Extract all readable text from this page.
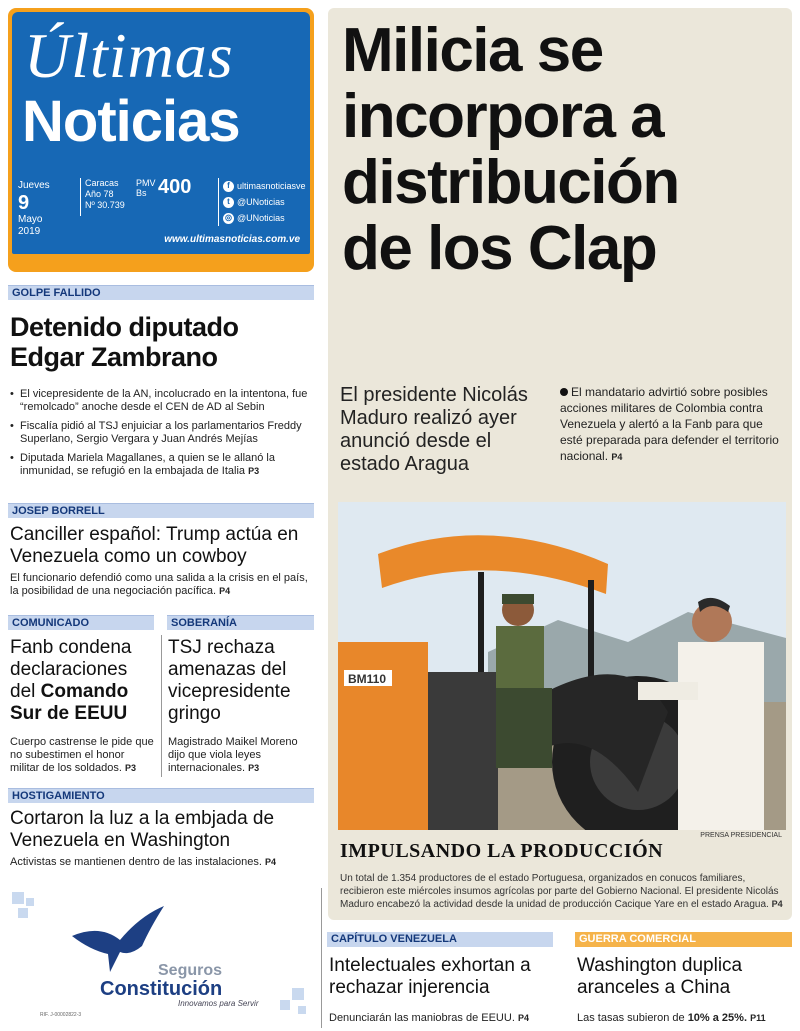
Últimas
Noticias
Jueves
9
Mayo
2019
Caracas
Año 78
Nº 30.739
PMV
Bs 400	f ultimasnoticiasve
t @UNoticias
◎ @UNoticias
www.ultimasnoticias.com.ve
GOLPE FALLIDO
Detenido diputado
Edgar Zambrano
• El vicepresidente de la AN, incolucrado en la intentona, fue “remolcado” anoche desde el CEN de AD al Sebin
• Fiscalía pidió al TSJ enjuiciar a los parlamentarios Freddy Superlano, Sergio Vergara y Juan Andrés Mejías
• Diputada Mariela Magallanes, a quien se le allanó la inmunidad, se refugió en la embajada de Italia P3
JOSEP BORRELL
Canciller español: Trump actúa en Venezuela como un cowboy
El funcionario defendió como una salida a la crisis en el país, la posibilidad de una negociación pacífica. P4
COMUNICADO
Fanb condena declaraciones del Comando Sur de EEUU
Cuerpo castrense le pide que no subestimen el honor militar de los soldados. P3
SOBERANÍA
TSJ rechaza amenazas del vicepresidente gringo
Magistrado Maikel Moreno dijo que viola leyes internacionales. P3
HOSTIGAMIENTO
Cortaron la luz a la embjada de Venezuela en Washington
Activistas se mantienen dentro de las instalaciones. P4
Milicia se
incorpora a
distribución
de los Clap
El presidente Nicolás Maduro realizó ayer anunció desde el estado Aragua
El mandatario advirtió sobre posibles acciones militares de Colombia contra Venezuela y alertó a la Fanb para que esté preparada para defender el territorio nacional. P4
BM110
PRENSA PRESIDENCIAL
IMPULSANDO LA PRODUCCIÓN
Un total de 1.354 productores de el estado Portuguesa, organizados en conucos familiares, recibieron este miércoles insumos agrícolas por parte del Gobierno Nacional. El presidente Nicolás Maduro encabezó la actividad desde la unidad de producción Cacique Yare en el estado Aragua. P4
Seguros
Constitución
Innovamos para Servir
RIF. J-00002822-3
CAPÍTULO VENEZUELA
Intelectuales exhortan a rechazar injerencia
Denunciarán las maniobras de EEUU. P4
GUERRA COMERCIAL
Washington duplica aranceles a China
Las tasas subieron de 10% a 25%. P11
